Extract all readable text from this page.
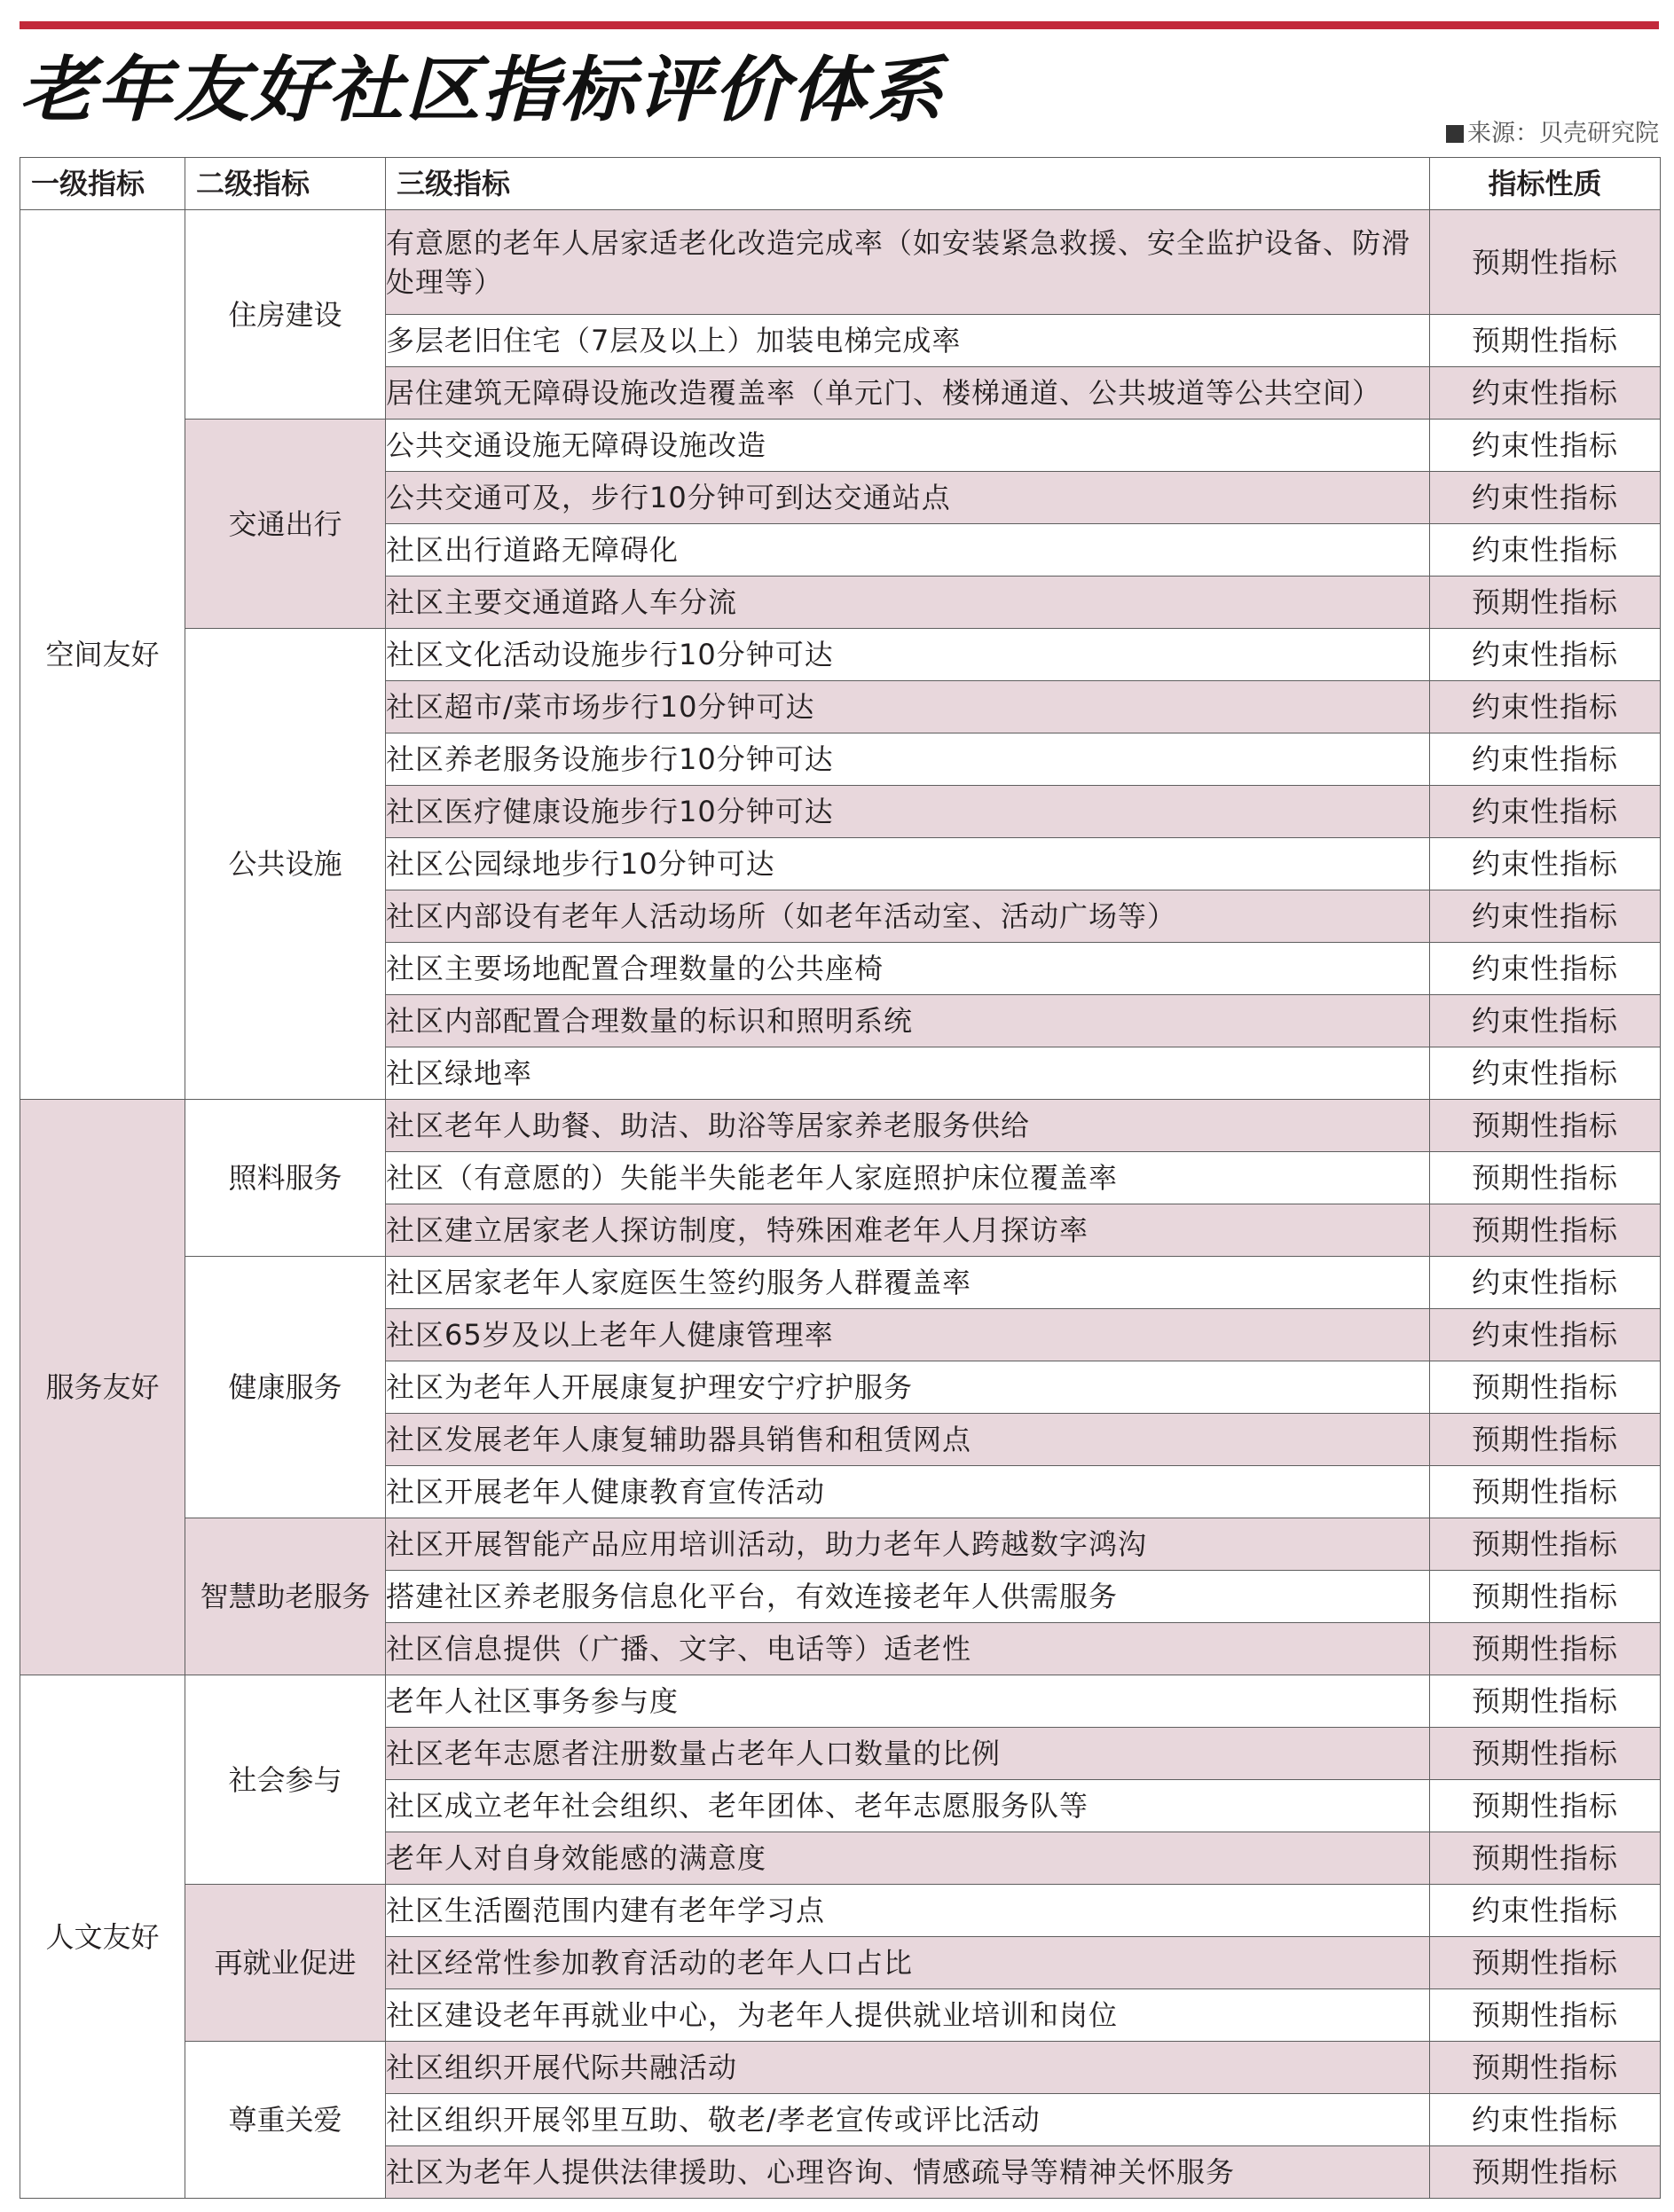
老年友好社区指标评价体系
来源：贝壳研究院
一级指标	二级指标	三级指标	指标性质
空间友好	住房建设	有意愿的老年人居家适老化改造完成率（如安装紧急救援、安全监护设备、防滑处理等）	预期性指标
		多层老旧住宅（7层及以上）加装电梯完成率	预期性指标
		居住建筑无障碍设施改造覆盖率（单元门、楼梯通道、公共坡道等公共空间）	约束性指标
	交通出行	公共交通设施无障碍设施改造	约束性指标
		公共交通可及，步行10分钟可到达交通站点	约束性指标
		社区出行道路无障碍化	约束性指标
		社区主要交通道路人车分流	预期性指标
	公共设施	社区文化活动设施步行10分钟可达	约束性指标
		社区超市/菜市场步行10分钟可达	约束性指标
		社区养老服务设施步行10分钟可达	约束性指标
		社区医疗健康设施步行10分钟可达	约束性指标
		社区公园绿地步行10分钟可达	约束性指标
		社区内部设有老年人活动场所（如老年活动室、活动广场等）	约束性指标
		社区主要场地配置合理数量的公共座椅	约束性指标
		社区内部配置合理数量的标识和照明系统	约束性指标
		社区绿地率	约束性指标
服务友好	照料服务	社区老年人助餐、助洁、助浴等居家养老服务供给	预期性指标
		社区（有意愿的）失能半失能老年人家庭照护床位覆盖率	预期性指标
		社区建立居家老人探访制度，特殊困难老年人月探访率	预期性指标
	健康服务	社区居家老年人家庭医生签约服务人群覆盖率	约束性指标
		社区65岁及以上老年人健康管理率	约束性指标
		社区为老年人开展康复护理安宁疗护服务	预期性指标
		社区发展老年人康复辅助器具销售和租赁网点	预期性指标
		社区开展老年人健康教育宣传活动	预期性指标
	智慧助老服务	社区开展智能产品应用培训活动，助力老年人跨越数字鸿沟	预期性指标
		搭建社区养老服务信息化平台，有效连接老年人供需服务	预期性指标
		社区信息提供（广播、文字、电话等）适老性	预期性指标
人文友好	社会参与	老年人社区事务参与度	预期性指标
		社区老年志愿者注册数量占老年人口数量的比例	预期性指标
		社区成立老年社会组织、老年团体、老年志愿服务队等	预期性指标
		老年人对自身效能感的满意度	预期性指标
	再就业促进	社区生活圈范围内建有老年学习点	约束性指标
		社区经常性参加教育活动的老年人口占比	预期性指标
		社区建设老年再就业中心，为老年人提供就业培训和岗位	预期性指标
	尊重关爱	社区组织开展代际共融活动	预期性指标
		社区组织开展邻里互助、敬老/孝老宣传或评比活动	约束性指标
		社区为老年人提供法律援助、心理咨询、情感疏导等精神关怀服务	预期性指标
